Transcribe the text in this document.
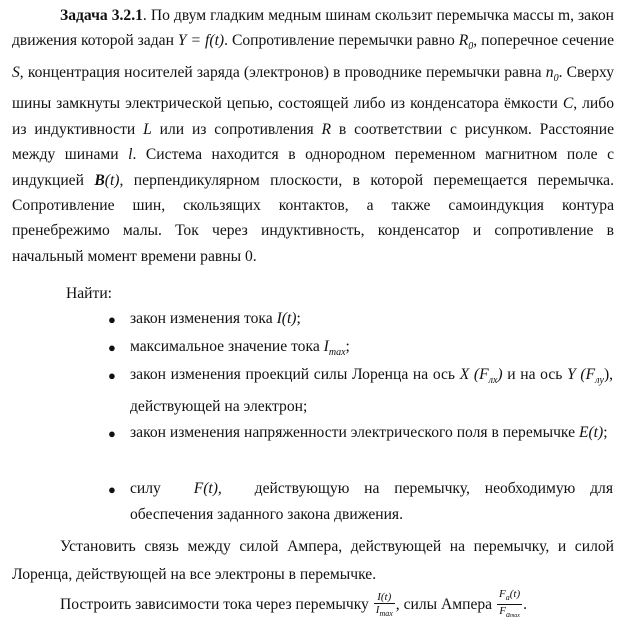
Задача 3.2.1. По двум гладким медным шинам скользит перемычка массы m, закон движения которой задан Y = f(t). Сопротивление перемычки равно $R_0$, поперечное сечение S, концентрация носителей заряда (электронов) в проводнике перемычки равна $n_0$. Сверху шины замкнуты электрической цепью, состоящей либо из конденсатора ёмкости C, либо из индуктивности L или из сопротивления R в соответствии с рисунком. Расстояние между шинами l. Система находится в однородном переменном магнитном поле с индукцией B(t), перпендикулярном плоскости, в которой перемещается перемычка. Сопротивление шин, скользящих контактов, а также самоиндукция контура пренебрежимо малы. Ток через индуктивность, конденсатор и сопротивление в начальный момент времени равны 0.

Найти:

● закон изменения тока I(t);
● максимальное значение тока $I_{max}$;
● закон изменения проекций силы Лоренца на ось X $(F_{лx})$ и на ось Y $(F_{лy})$, действующей на электрон;
● закон изменения напряженности электрического поля в перемычке E(t);
● силу F(t), действующую на перемычку, необходимую для обеспечения заданного закона движения.

Установить связь между силой Ампера, действующей на перемычку, и силой Лоренца, действующей на все электроны в перемычке.

Построить зависимости тока через перемычку $\frac{I(t)}{I_{max}}$ , силы Ампера $\frac{F_a(t)}{F_{amax}}$ .
